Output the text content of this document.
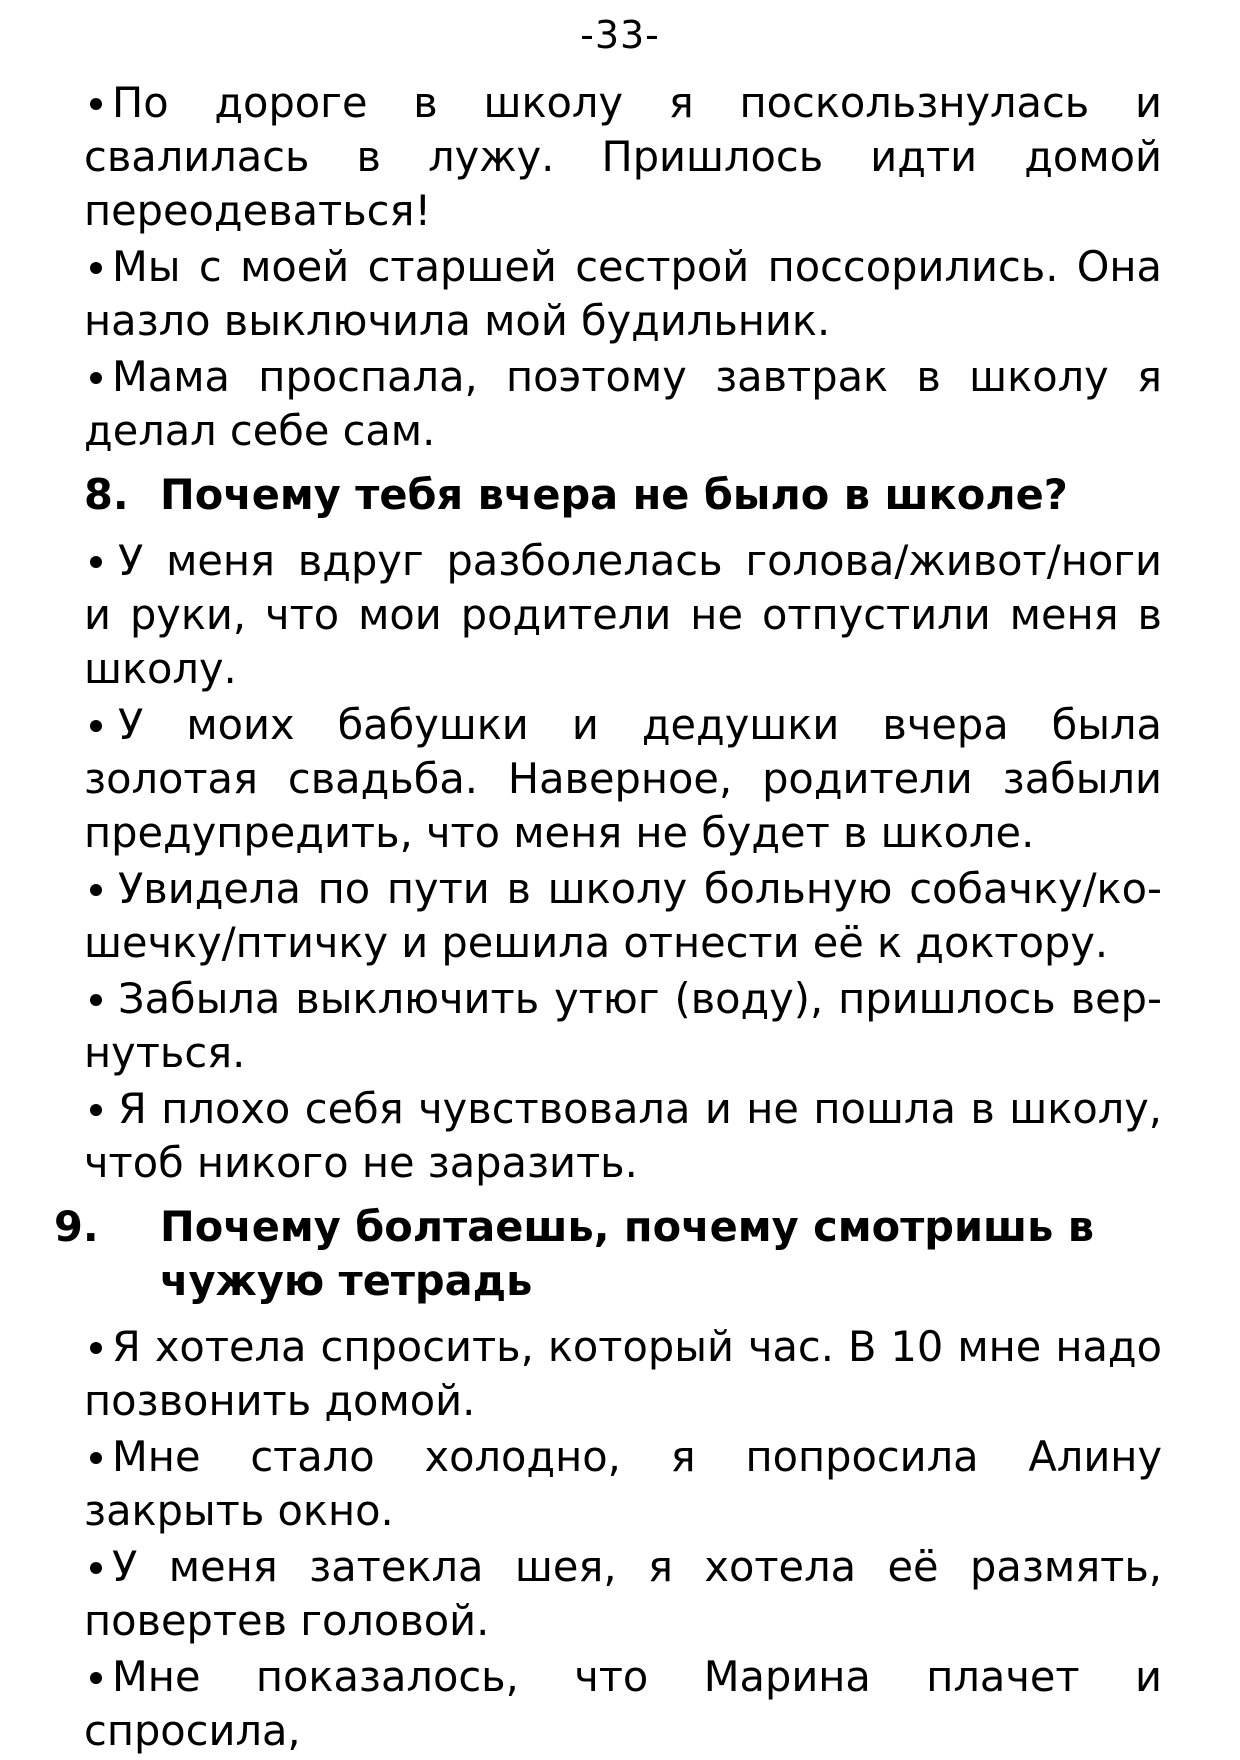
-33-

По дороге в школу я поскользнулась и свалилась в лужу. Пришлось идти домой переодеваться!

Мы с моей старшей сестрой поссорились. Она назло выключила мой будильник.

Мама проспала, поэтому завтрак в школу я делал себе сам.

8. Почему тебя вчера не было в школе?

У меня вдруг разболелась голова/живот/ноги и руки, что мои родители не отпустили меня в школу.

У моих бабушки и дедушки вчера была золотая свадьба. Наверное, родители забыли предупредить, что меня не будет в школе.

Увидела по пути в школу больную собачку/кошечку/птичку и решила отнести её к доктору.

Забыла выключить утюг (воду), пришлось вернуться.

Я плохо себя чувствовала и не пошла в школу, чтоб никого не заразить.

9. Почему болтаешь, почему смотришь в чужую тетрадь

Я хотела спросить, который час. В 10 мне надо позвонить домой.

Мне стало холодно, я попросила Алину закрыть окно.

У меня затекла шея, я хотела её размять, повертев головой.

Мне показалось, что Марина плачет и спросила,
